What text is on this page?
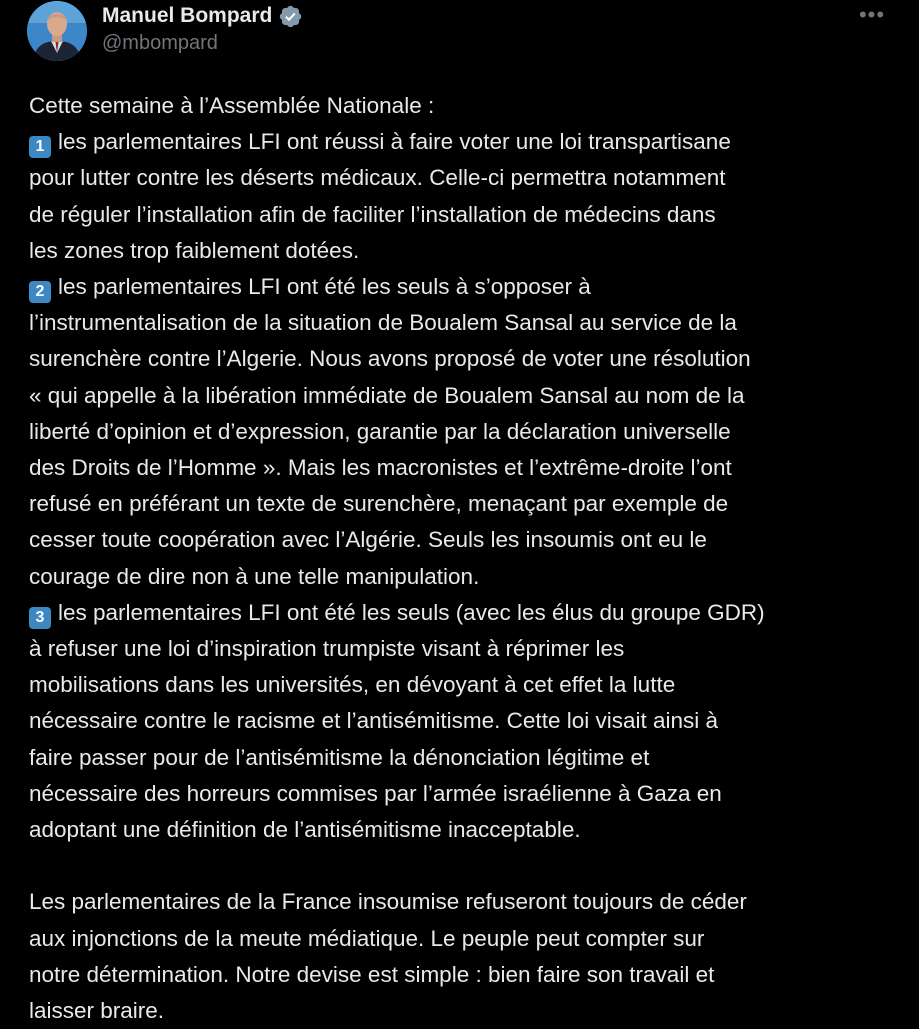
Manuel Bompard
@mbompard
•••
Cette semaine à l’Assemblée Nationale :
1 les parlementaires LFI ont réussi à faire voter une loi transpartisane
pour lutter contre les déserts médicaux. Celle-ci permettra notamment
de réguler l’installation afin de faciliter l’installation de médecins dans
les zones trop faiblement dotées.
2 les parlementaires LFI ont été les seuls à s’opposer à
l’instrumentalisation de la situation de Boualem Sansal au service de la
surenchère contre l’Algerie. Nous avons proposé de voter une résolution
« qui appelle à la libération immédiate de Boualem Sansal au nom de la
liberté d’opinion et d’expression, garantie par la déclaration universelle
des Droits de l’Homme ». Mais les macronistes et l’extrême-droite l’ont
refusé en préférant un texte de surenchère, menaçant par exemple de
cesser toute coopération avec l’Algérie. Seuls les insoumis ont eu le
courage de dire non à une telle manipulation.
3 les parlementaires LFI ont été les seuls (avec les élus du groupe GDR)
à refuser une loi d’inspiration trumpiste visant à réprimer les
mobilisations dans les universités, en dévoyant à cet effet la lutte
nécessaire contre le racisme et l’antisémitisme. Cette loi visait ainsi à
faire passer pour de l’antisémitisme la dénonciation légitime et
nécessaire des horreurs commises par l’armée israélienne à Gaza en
adoptant une définition de l’antisémitisme inacceptable.
Les parlementaires de la France insoumise refuseront toujours de céder
aux injonctions de la meute médiatique. Le peuple peut compter sur
notre détermination. Notre devise est simple : bien faire son travail et
laisser braire.
